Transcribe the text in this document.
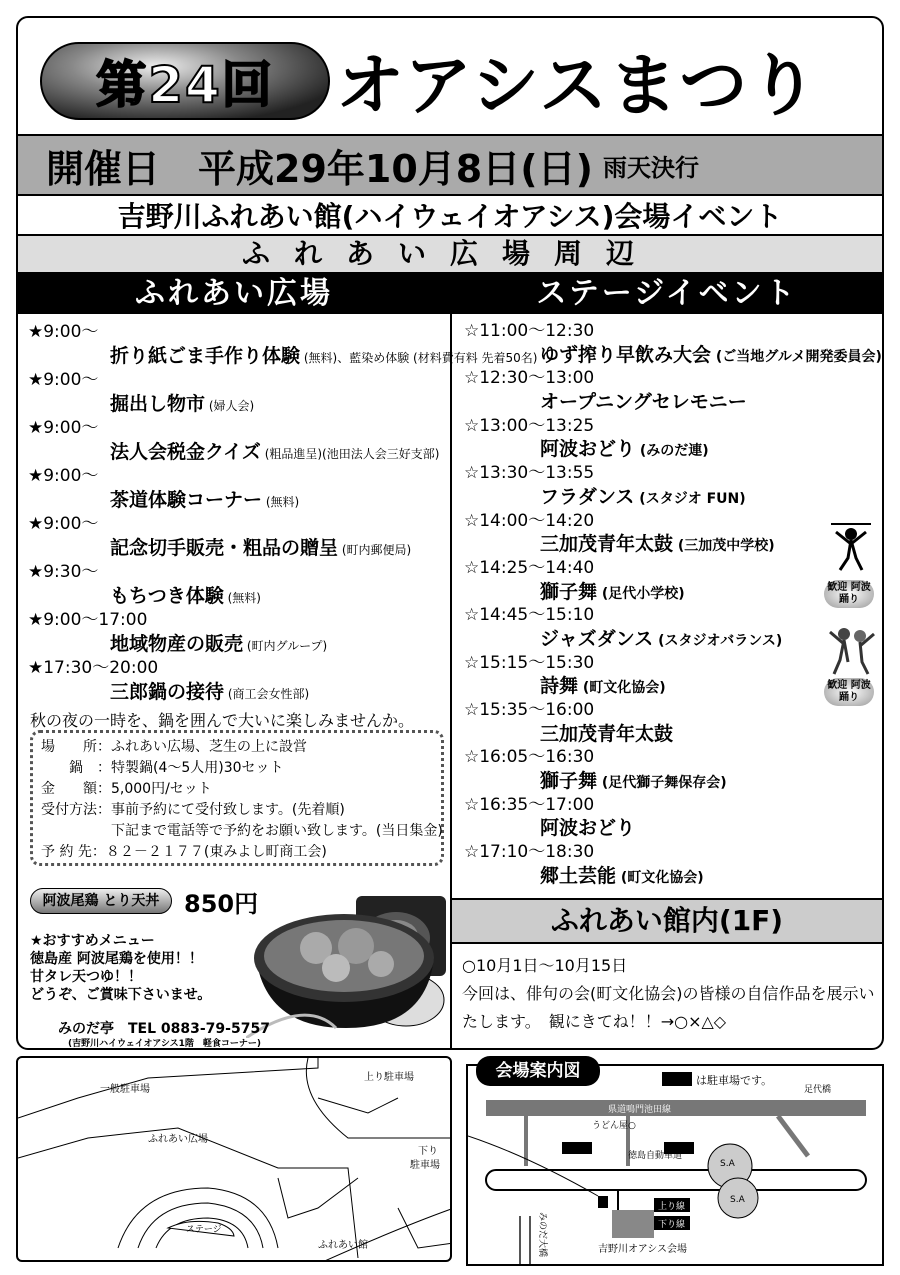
第24回 オアシスまつり
開催日 平成29年10月8日(日) 雨天決行
吉野川ふれあい館(ハイウェイオアシス)会場イベント
ふれあい広場周辺
ふれあい広場	ステージイベント
★9:00～
折り紙ごま手作り体験 (無料)、藍染め体験 (材料費有料 先着50名)
★9:00～
掘出し物市 (婦人会)
★9:00～
法人会税金クイズ (粗品進呈)(池田法人会三好支部)
★9:00～
茶道体験コーナー (無料)
★9:00～
記念切手販売・粗品の贈呈 (町内郵便局)
★9:30～
もちつき体験 (無料)
★9:00～17:00
地域物産の販売 (町内グループ)
★17:30～20:00
三郎鍋の接待 (商工会女性部)
秋の夜の一時を、鍋を囲んで大いに楽しみませんか。
場　　所：ふれあい広場、芝生の上に設営
　　鍋　：特製鍋(4～5人用)30セット
金　　額：5,000円/セット
受付方法：事前予約にて受付致します。(先着順)
　　　　　下記まで電話等で予約をお願い致します。(当日集金)
予 約 先：８２－２１７７(東みよし町商工会)
阿波尾鶏 とり天丼	850円
★おすすめメニュー
徳島産 阿波尾鶏を使用！！
甘タレ天つゆ！！
どうぞ、ご賞味下さいませ。
みのだ亭　TEL 0883-79-5757
(吉野川ハイウェイオアシス1階　軽食コーナー)
☆11:00～12:30
ゆず搾り早飲み大会 (ご当地グルメ開発委員会)
☆12:30～13:00
オープニングセレモニー
☆13:00～13:25
阿波おどり (みのだ連)
☆13:30～13:55
フラダンス (スタジオ FUN)
☆14:00～14:20
三加茂青年太鼓 (三加茂中学校)
☆14:25～14:40
獅子舞 (足代小学校)
☆14:45～15:10
ジャズダンス (スタジオバランス)
☆15:15～15:30
詩舞 (町文化協会)
☆15:35～16:00
三加茂青年太鼓
☆16:05～16:30
獅子舞 (足代獅子舞保存会)
☆16:35～17:00
阿波おどり
☆17:10～18:30
郷土芸能 (町文化協会)
歓迎 阿波踊り
歓迎 阿波踊り
ふれあい館内(1F)
○10月1日～10月15日
今回は、俳句の会(町文化協会)の皆様の自信作品を展示いたします。　観にきてね！！→○×△◇
一般駐車場
上り駐車場
ふれあい広場
下り
駐車場
ステージ
ふれあい館
は駐車場です。
足代橋
県道鳴門池田線
うどん屋○
徳島自動車道
S.A
S.A
上り線
下り線
みのだ大橋	吉野川オアシス会場
会場案内図
